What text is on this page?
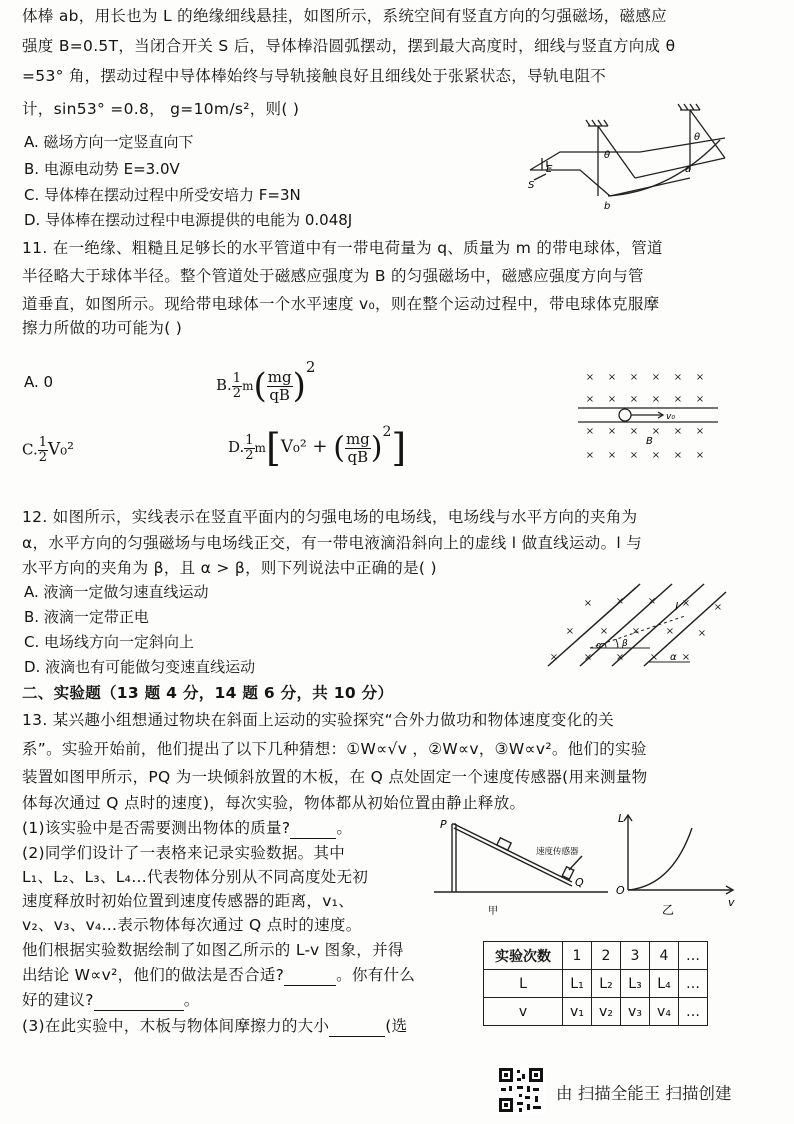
体棒 ab，用长也为 L 的绝缘细线悬挂，如图所示，系统空间有竖直方向的匀强磁场，磁感应
强度 B=0.5T，当闭合开关 S 后，导体棒沿圆弧摆动，摆到最大高度时，细线与竖直方向成 θ
=53° 角，摆动过程中导体棒始终与导轨接触良好且细线处于张紧状态，导轨电阻不
计，sin53° =0.8， g=10m/s²，则( )
A. 磁场方向一定竖直向下
B. 电源电动势 E=3.0V
C. 导体棒在摆动过程中所受安培力 F=3N
D. 导体棒在摆动过程中电源提供的电能为 0.048J
E
S
θ
θ
a
b
11. 在一绝缘、粗糙且足够长的水平管道中有一带电荷量为 q、质量为 m 的带电球体，管道
半径略大于球体半径。整个管道处于磁感应强度为 B 的匀强磁场中，磁感应强度方向与管
道垂直，如图所示。现给带电球体一个水平速度 v₀，则在整个运动过程中，带电球体克服摩
擦力所做的功可能为( )
A. 0	B. $\frac{1}{2} m( \frac{mg}{qB} )^2$
C. $\frac{1}{2} V_0^2$	D. $\frac{1}{2} m[V_0^2$ + ( $\frac{mg}{qB} )^2$]
× × × × × ×
× × × × × ×
× × × × × ×
× × × × × ×
v₀
B
12. 如图所示，实线表示在竖直平面内的匀强电场的电场线，电场线与水平方向的夹角为
α，水平方向的匀强磁场与电场线正交，有一带电液滴沿斜向上的虚线 l 做直线运动。l 与
水平方向的夹角为 β，且 α > β，则下列说法中正确的是( )
A. 液滴一定做匀速直线运动
B. 液滴一定带正电
C. 电场线方向一定斜向上
D. 液滴也有可能做匀变速直线运动
× × ×	× ×
×	× ×	× ×
×	× ×	× ×
l
α β
α
二、实验题（13 题 4 分，14 题 6 分，共 10 分）
13. 某兴趣小组想通过物块在斜面上运动的实验探究“合外力做功和物体速度变化的关
系”。实验开始前，他们提出了以下几种猜想：①W∝√v ，②W∝v，③W∝v²。他们的实验
装置如图甲所示，PQ 为一块倾斜放置的木板，在 Q 点处固定一个速度传感器(用来测量物
体每次通过 Q 点时的速度)，每次实验，物体都从初始位置由静止释放。
(1)该实验中是否需要测出物体的质量?	。
(2)同学们设计了一表格来记录实验数据。其中
L₁、L₂、L₃、L₄…代表物体分别从不同高度处无初
速度释放时初始位置到速度传感器的距离，v₁、
v₂、v₃、v₄…表示物体每次通过 Q 点时的速度。
他们根据实验数据绘制了如图乙所示的 L-v 图象，并得
出结论 W∝v²，他们的做法是否合适?	。你有什么
好的建议?	。
(3)在此实验中，木板与物体间摩擦力的大小	(选
P
Q
速度传感器
甲
L
O
v
乙
实验次数	1	2	3	4	…
L	L₁	L₂	L₃	L₄	…
v	v₁	v₂	v₃	v₄	…
由 扫描全能王 扫描创建
